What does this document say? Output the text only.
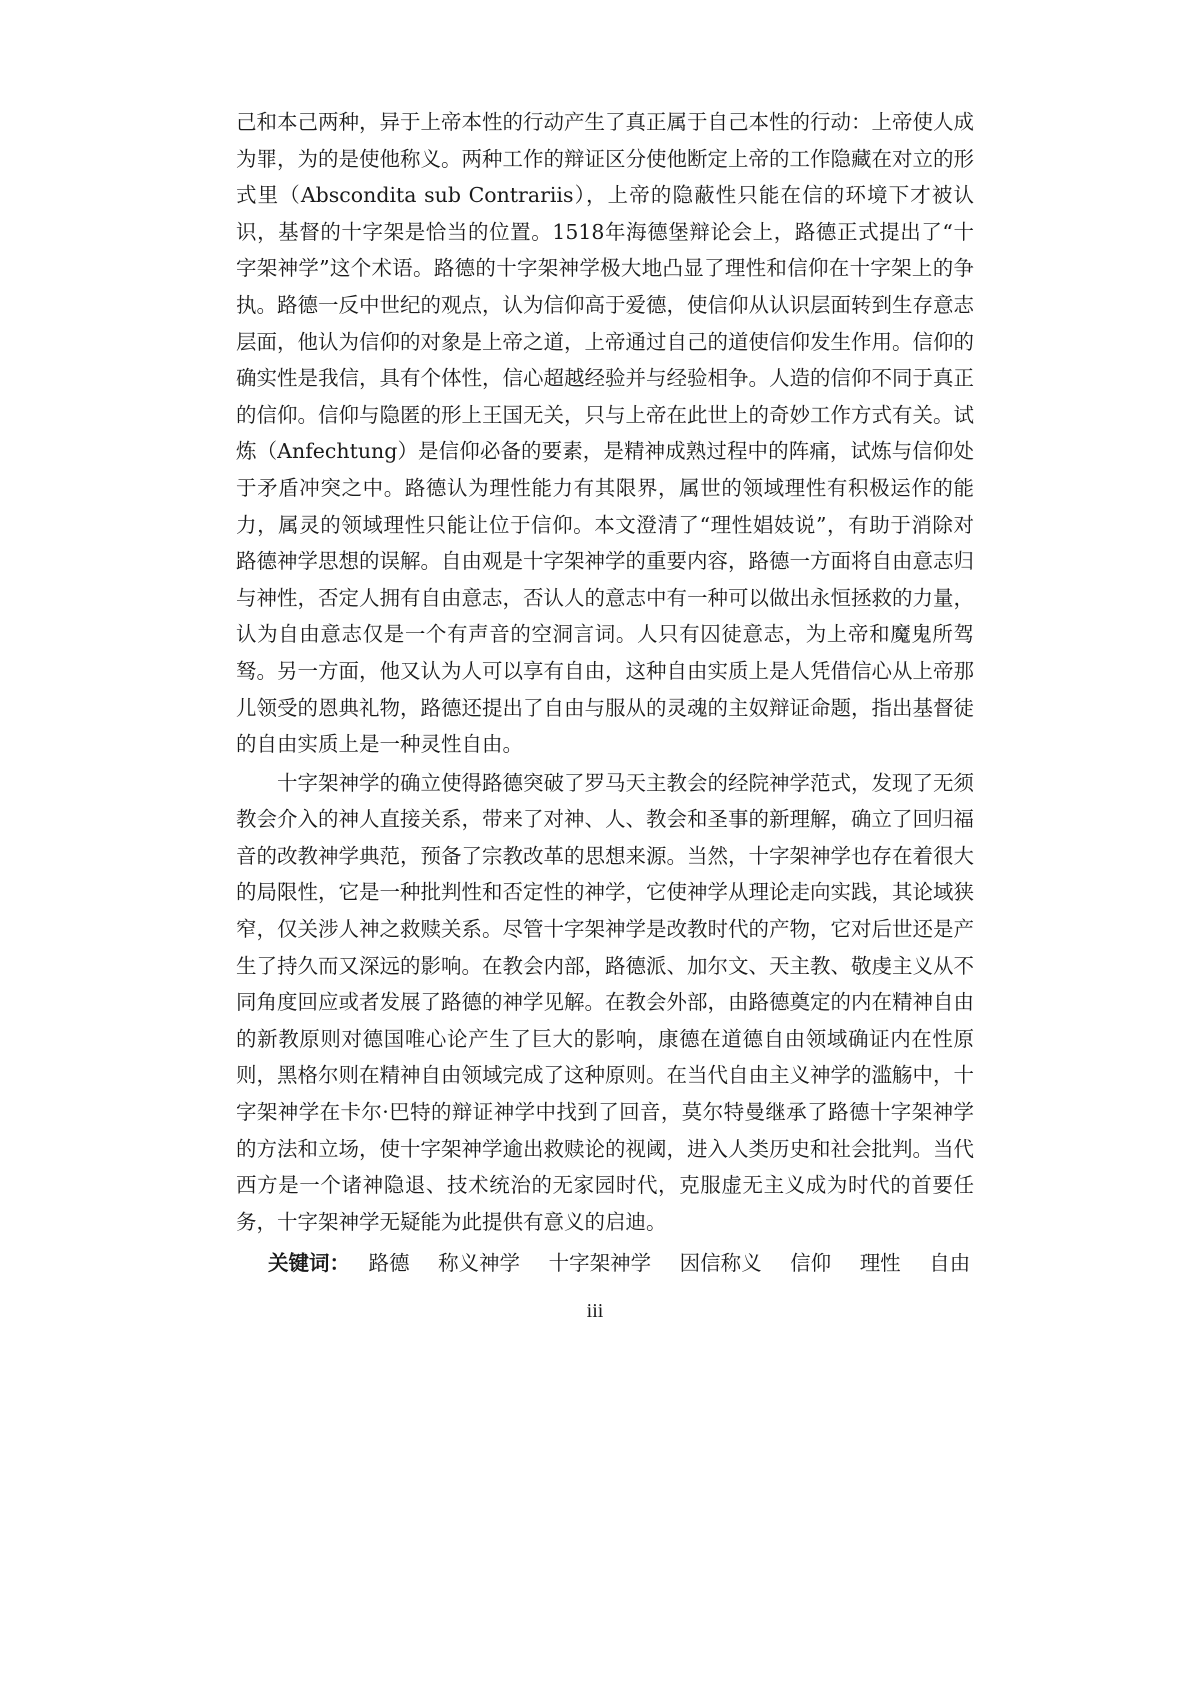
己和本己两种，异于上帝本性的行动产生了真正属于自己本性的行动：上帝使人成为罪，为的是使他称义。两种工作的辩证区分使他断定上帝的工作隐藏在对立的形式里（Abscondita sub Contrariis），上帝的隐蔽性只能在信的环境下才被认识，基督的十字架是恰当的位置。1518年海德堡辩论会上，路德正式提出了“十字架神学”这个术语。路德的十字架神学极大地凸显了理性和信仰在十字架上的争执。路德一反中世纪的观点，认为信仰高于爱德，使信仰从认识层面转到生存意志层面，他认为信仰的对象是上帝之道，上帝通过自己的道使信仰发生作用。信仰的确实性是我信，具有个体性，信心超越经验并与经验相争。人造的信仰不同于真正的信仰。信仰与隐匿的形上王国无关，只与上帝在此世上的奇妙工作方式有关。试炼（Anfechtung）是信仰必备的要素，是精神成熟过程中的阵痛，试炼与信仰处于矛盾冲突之中。路德认为理性能力有其限界，属世的领域理性有积极运作的能力，属灵的领域理性只能让位于信仰。本文澄清了“理性娼妓说”，有助于消除对路德神学思想的误解。自由观是十字架神学的重要内容，路德一方面将自由意志归与神性，否定人拥有自由意志，否认人的意志中有一种可以做出永恒拯救的力量，认为自由意志仅是一个有声音的空洞言词。人只有囚徒意志，为上帝和魔鬼所驾驽。另一方面，他又认为人可以享有自由，这种自由实质上是人凭借信心从上帝那儿领受的恩典礼物，路德还提出了自由与服从的灵魂的主奴辩证命题，指出基督徒的自由实质上是一种灵性自由。

十字架神学的确立使得路德突破了罗马天主教会的经院神学范式，发现了无须教会介入的神人直接关系，带来了对神、人、教会和圣事的新理解，确立了回归福音的改教神学典范，预备了宗教改革的思想来源。当然，十字架神学也存在着很大的局限性，它是一种批判性和否定性的神学，它使神学从理论走向实践，其论域狭窄，仅关涉人神之救赎关系。尽管十字架神学是改教时代的产物，它对后世还是产生了持久而又深远的影响。在教会内部，路德派、加尔文、天主教、敬虔主义从不同角度回应或者发展了路德的神学见解。在教会外部，由路德奠定的内在精神自由的新教原则对德国唯心论产生了巨大的影响，康德在道德自由领域确证内在性原则，黑格尔则在精神自由领域完成了这种原则。在当代自由主义神学的滥觞中，十字架神学在卡尔·巴特的辩证神学中找到了回音，莫尔特曼继承了路德十字架神学的方法和立场，使十字架神学逾出救赎论的视阈，进入人类历史和社会批判。当代西方是一个诸神隐退、技术统治的无家园时代，克服虚无主义成为时代的首要任务，十字架神学无疑能为此提供有意义的启迪。

关键词： 路德 称义神学 十字架神学 因信称义 信仰 理性 自由
iii
